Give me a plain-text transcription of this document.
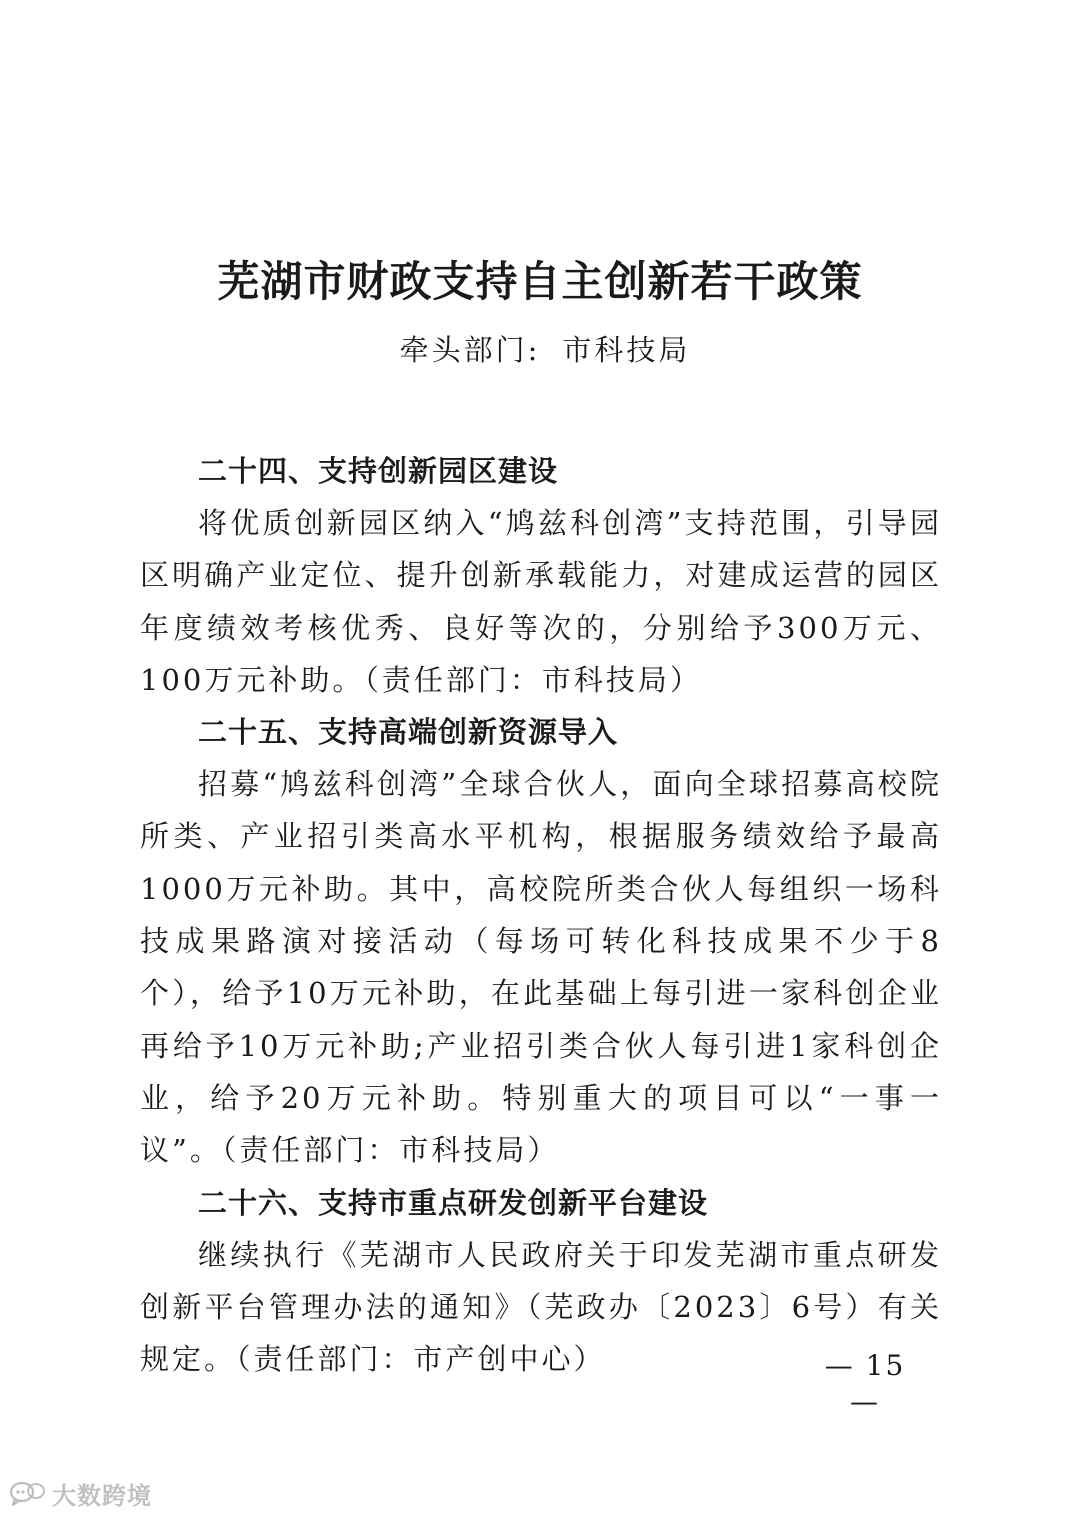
芜湖市财政支持自主创新若干政策
牵头部门: 市科技局
二十四、支持创新园区建设

将优质创新园区纳入“鸠兹科创湾”支持范围，引导园区明确产业定位、提升创新承载能力，对建成运营的园区年度绩效考核优秀、良好等次的，分别给予300万元、100万元补助。（责任部门：市科技局）

二十五、支持高端创新资源导入

招募“鸠兹科创湾”全球合伙人，面向全球招募高校院所类、产业招引类高水平机构，根据服务绩效给予最高1000万元补助。其中，高校院所类合伙人每组织一场科技成果路演对接活动（每场可转化科技成果不少于8个），给予10万元补助，在此基础上每引进一家科创企业再给予10万元补助;产业招引类合伙人每引进1家科创企业，给予20万元补助。特别重大的项目可以“一事一议”。（责任部门：市科技局）

二十六、支持市重点研发创新平台建设

继续执行《芜湖市人民政府关于印发芜湖市重点研发创新平台管理办法的通知》（芜政办〔2023〕6号）有关规定。（责任部门：市产创中心）	— 15 —
大数跨境
